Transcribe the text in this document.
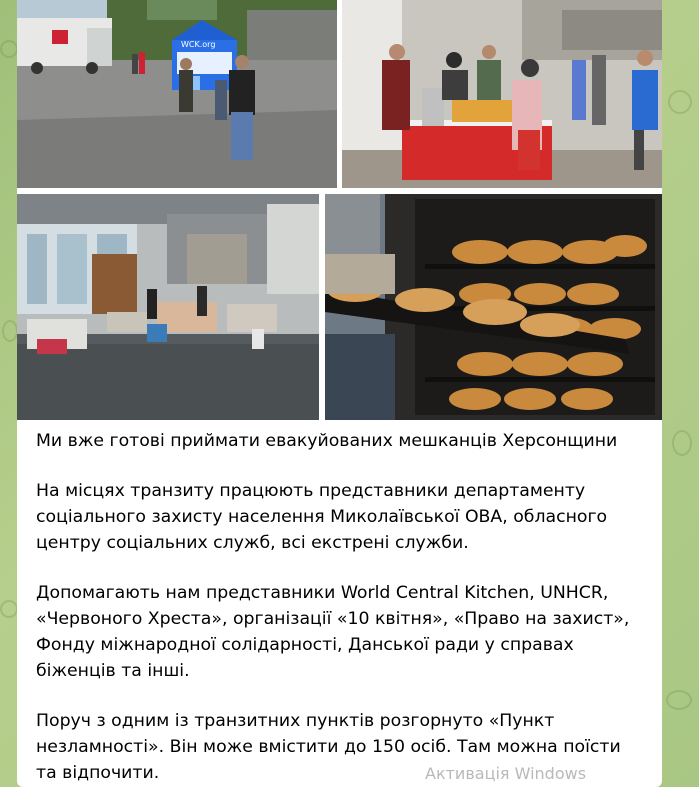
WCK.org

Ми вже готові приймати евакуйованих мешканців Херсонщини

На місцях транзиту працюють представники департаменту соціального захисту населення Миколаївської ОВА, обласного центру соціальних служб, всі екстрені служби.

Допомагають нам представники World Central Kitchen, UNHCR, «Червоного Хреста», організації «10 квітня», «Право на захист», Фонду міжнародної солідарності, Данської ради у справах біженців та інші.

Поруч з одним із транзитних пунктів розгорнуто «Пункт незламності». Він може вмістити до 150 осіб. Там можна поїсти та відпочити.	Активація Windows
